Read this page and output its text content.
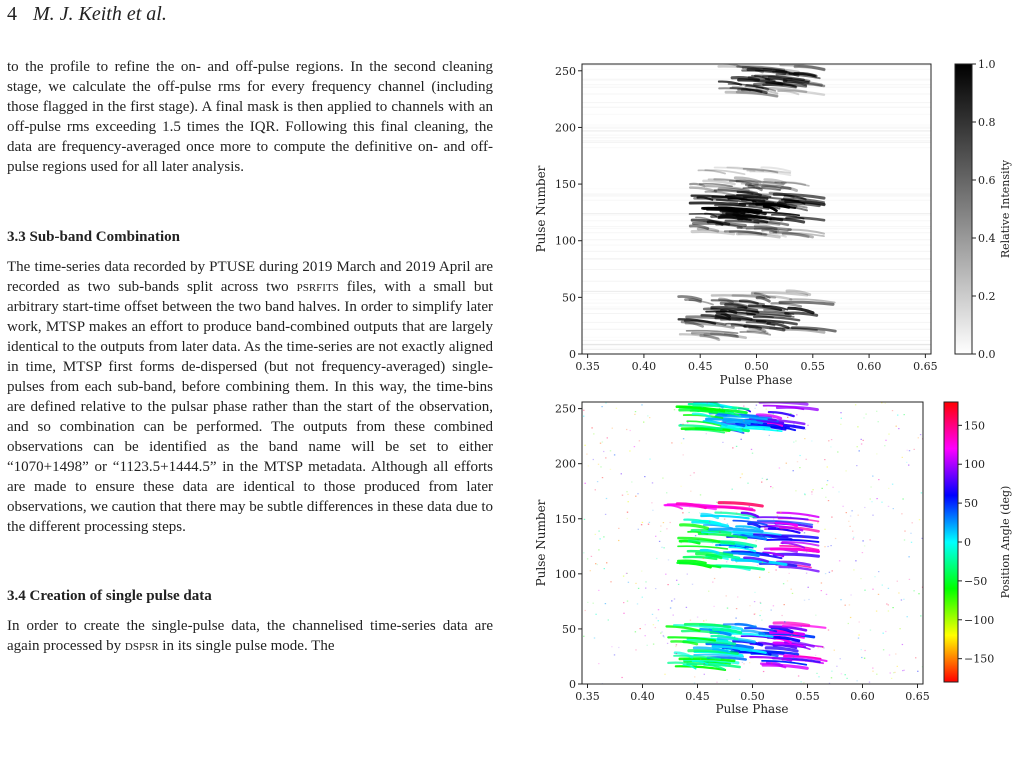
4 M. J. Keith et al.

to the profile to refine the on- and off-pulse regions. In the second cleaning stage, we calculate the off-pulse rms for every frequency channel (including those flagged in the first stage). A final mask is then applied to channels with an off-pulse rms exceeding 1.5 times the IQR. Following this final cleaning, the data are frequency-averaged once more to compute the definitive on- and off-pulse regions used for all later analysis.

3.3 Sub-band Combination

The time-series data recorded by PTUSE during 2019 March and 2019 April are recorded as two sub-bands split across two psrfits files, with a small but arbitrary start-time offset between the two band halves. In order to simplify later work, MTSP makes an effort to produce band-combined outputs that are largely identical to the outputs from later data. As the time-series are not exactly aligned in time, MTSP first forms de-dispersed (but not frequency-averaged) single-pulses from each sub-band, before combining them. In this way, the time-bins are defined relative to the pulsar phase rather than the start of the observation, and so combination can be performed. The outputs from these combined observations can be identified as the band name will be set to either “1070+1498” or “1123.5+1444.5” in the MTSP metadata. Although all efforts are made to ensure these data are identical to those produced from later observations, we caution that there may be subtle differences in these data due to the different processing steps.

3.4 Creation of single pulse data

In order to create the single-pulse data, the channelised time-series data are again processed by dspsr in its single pulse mode. The

0
50
100
150
200
250
0.35	0.40	0.45	0.50	0.55	0.60	0.65
Pulse Number
Pulse Phase
0.0
0.2
0.4
0.6
0.8
1.0
Relative Intensity
0
50
100
150
200
250
0.35	0.40	0.45	0.50	0.55	0.60	0.65
Pulse Number
Pulse Phase
−150
−100
−50
0
50
100
150
Position Angle (deg)
